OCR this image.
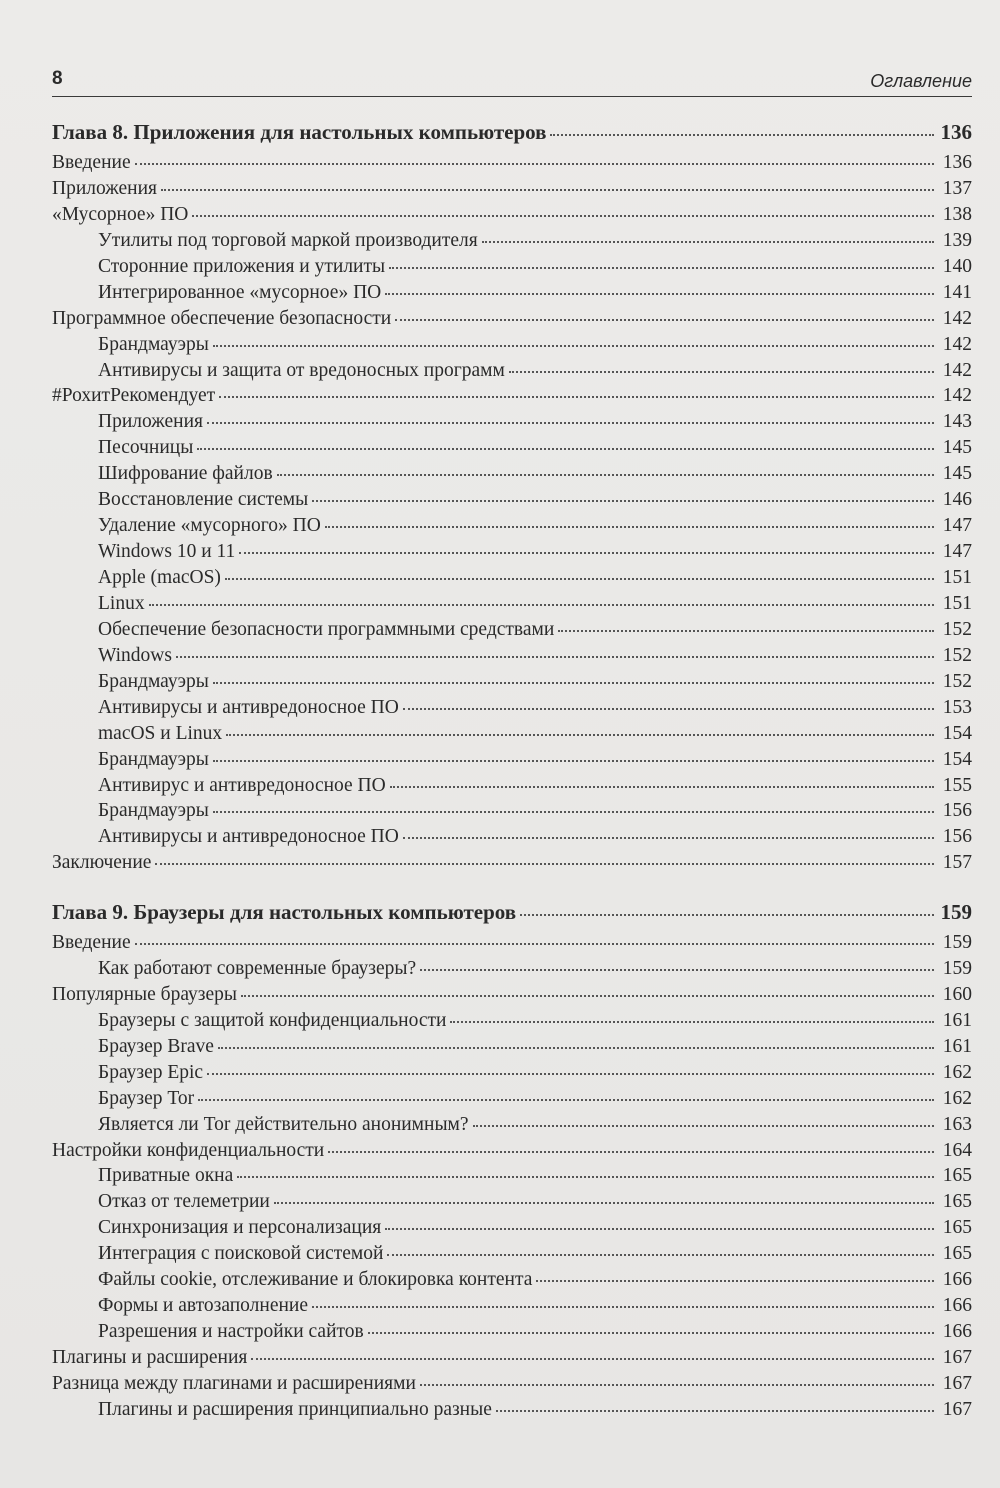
8	Оглавление
Глава 8. Приложения для настольных компьютеров	136
Введение	136
Приложения	137
«Мусорное» ПО	138
Утилиты под торговой маркой производителя	139
Сторонние приложения и утилиты	140
Интегрированное «мусорное» ПО	141
Программное обеспечение безопасности	142
Брандмауэры	142
Антивирусы и защита от вредоносных программ	142
#РохитРекомендует	142
Приложения	143
Песочницы	145
Шифрование файлов	145
Восстановление системы	146
Удаление «мусорного» ПО	147
Windows 10 и 11	147
Apple (macOS)	151
Linux	151
Обеспечение безопасности программными средствами	152
Windows	152
Брандмауэры	152
Антивирусы и антивредоносное ПО	153
macOS и Linux	154
Брандмауэры	154
Антивирус и антивредоносное ПО	155
Брандмауэры	156
Антивирусы и антивредоносное ПО	156
Заключение	157
Глава 9. Браузеры для настольных компьютеров	159
Введение	159
Как работают современные браузеры?	159
Популярные браузеры	160
Браузеры с защитой конфиденциальности	161
Браузер Brave	161
Браузер Epic	162
Браузер Tor	162
Является ли Tor действительно анонимным?	163
Настройки конфиденциальности	164
Приватные окна	165
Отказ от телеметрии	165
Синхронизация и персонализация	165
Интеграция с поисковой системой	165
Файлы cookie, отслеживание и блокировка контента	166
Формы и автозаполнение	166
Разрешения и настройки сайтов	166
Плагины и расширения	167
Разница между плагинами и расширениями	167
Плагины и расширения принципиально разные	167
